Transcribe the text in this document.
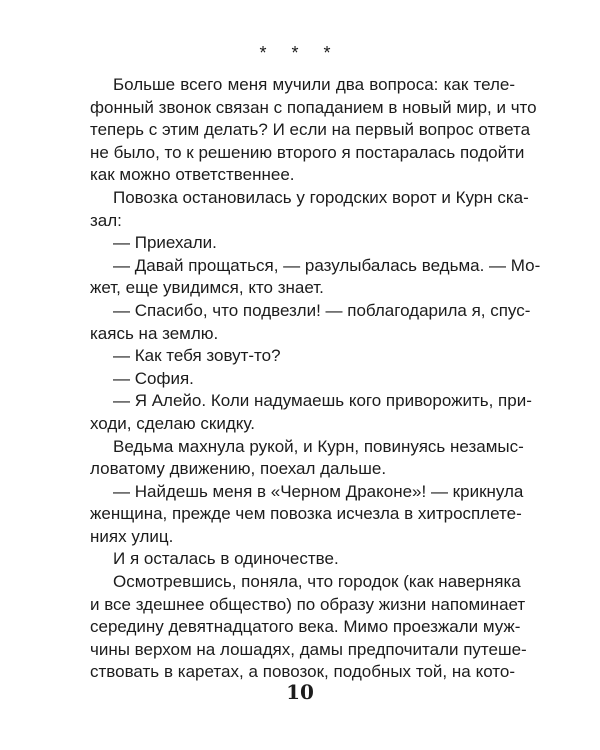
* * *
Больше всего меня мучили два вопроса: как теле-
фонный звонок связан с попаданием в новый мир, и что
теперь с этим делать? И если на первый вопрос ответа
не было, то к решению второго я постаралась подойти
как можно ответственнее.
Повозка остановилась у городских ворот и Курн ска-
зал:
— Приехали.
— Давай прощаться, — разулыбалась ведьма. — Мо-
жет, еще увидимся, кто знает.
— Спасибо, что подвезли! — поблагодарила я, спус-
каясь на землю.
— Как тебя зовут-то?
— София.
— Я Алейо. Коли надумаешь кого приворожить, при-
ходи, сделаю скидку.
Ведьма махнула рукой, и Курн, повинуясь незамыс-
ловатому движению, поехал дальше.
— Найдешь меня в «Черном Драконе»! — крикнула
женщина, прежде чем повозка исчезла в хитросплете-
ниях улиц.
И я осталась в одиночестве.
Осмотревшись, поняла, что городок (как наверняка
и все здешнее общество) по образу жизни напоминает
середину девятнадцатого века. Мимо проезжали муж-
чины верхом на лошадях, дамы предпочитали путеше-
ствовать в каретах, а повозок, подобных той, на кото-
10
